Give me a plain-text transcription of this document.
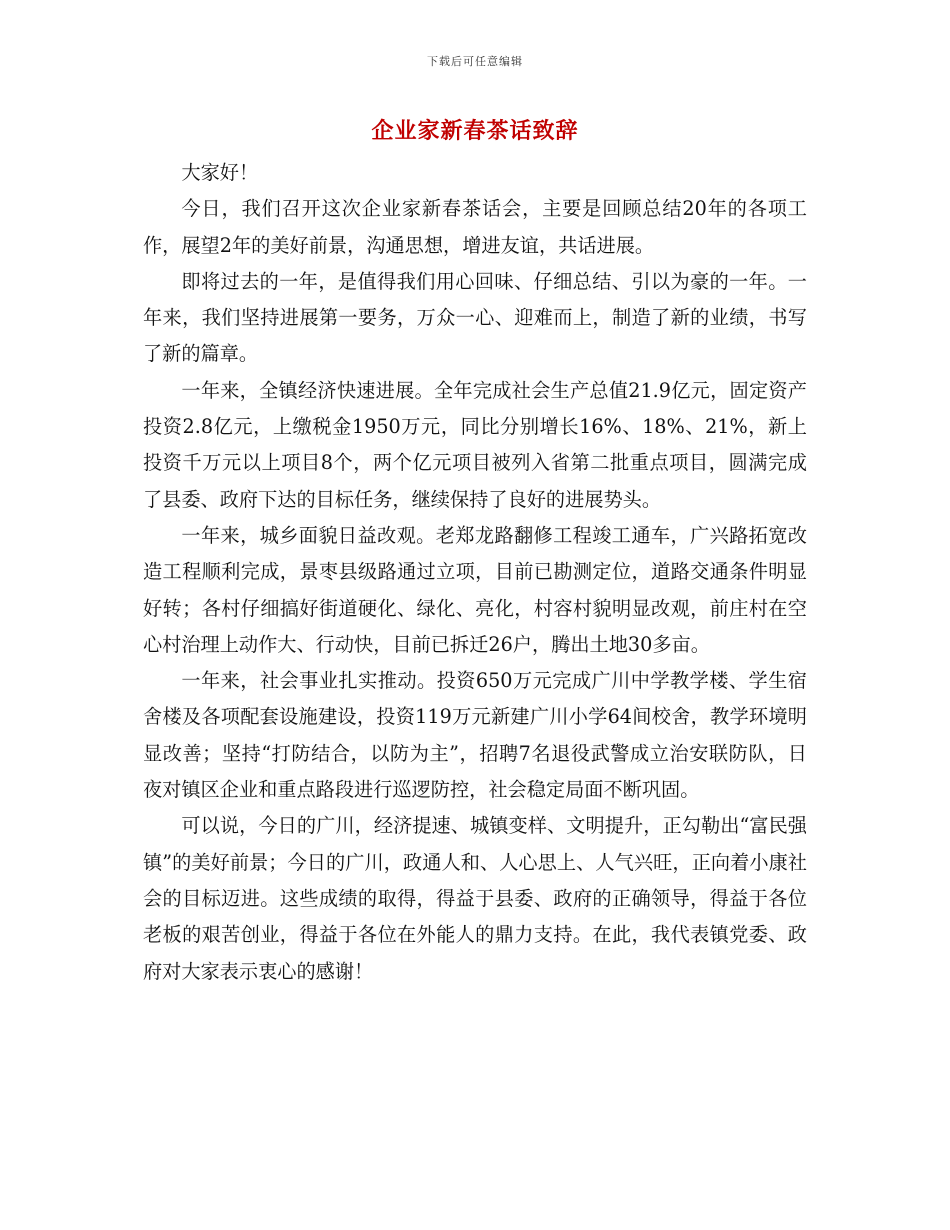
下载后可任意编辑
企业家新春茶话致辞

大家好！

今日，我们召开这次企业家新春茶话会，主要是回顾总结20年的各项工作，展望2年的美好前景，沟通思想，增进友谊，共话进展。

即将过去的一年，是值得我们用心回味、仔细总结、引以为豪的一年。一年来，我们坚持进展第一要务，万众一心、迎难而上，制造了新的业绩，书写了新的篇章。

一年来，全镇经济快速进展。全年完成社会生产总值21.9亿元，固定资产投资2.8亿元，上缴税金1950万元，同比分别增长16%、18%、21%，新上投资千万元以上项目8个，两个亿元项目被列入省第二批重点项目，圆满完成了县委、政府下达的目标任务，继续保持了良好的进展势头。

一年来，城乡面貌日益改观。老郑龙路翻修工程竣工通车，广兴路拓宽改造工程顺利完成，景枣县级路通过立项，目前已勘测定位，道路交通条件明显好转；各村仔细搞好街道硬化、绿化、亮化，村容村貌明显改观，前庄村在空心村治理上动作大、行动快，目前已拆迁26户，腾出土地30多亩。

一年来，社会事业扎实推动。投资650万元完成广川中学教学楼、学生宿舍楼及各项配套设施建设，投资119万元新建广川小学64间校舍，教学环境明显改善；坚持“打防结合，以防为主”，招聘7名退役武警成立治安联防队，日夜对镇区企业和重点路段进行巡逻防控，社会稳定局面不断巩固。

可以说，今日的广川，经济提速、城镇变样、文明提升，正勾勒出“富民强镇”的美好前景；今日的广川，政通人和、人心思上、人气兴旺，正向着小康社会的目标迈进。这些成绩的取得，得益于县委、政府的正确领导，得益于各位老板的艰苦创业，得益于各位在外能人的鼎力支持。在此，我代表镇党委、政府对大家表示衷心的感谢！
